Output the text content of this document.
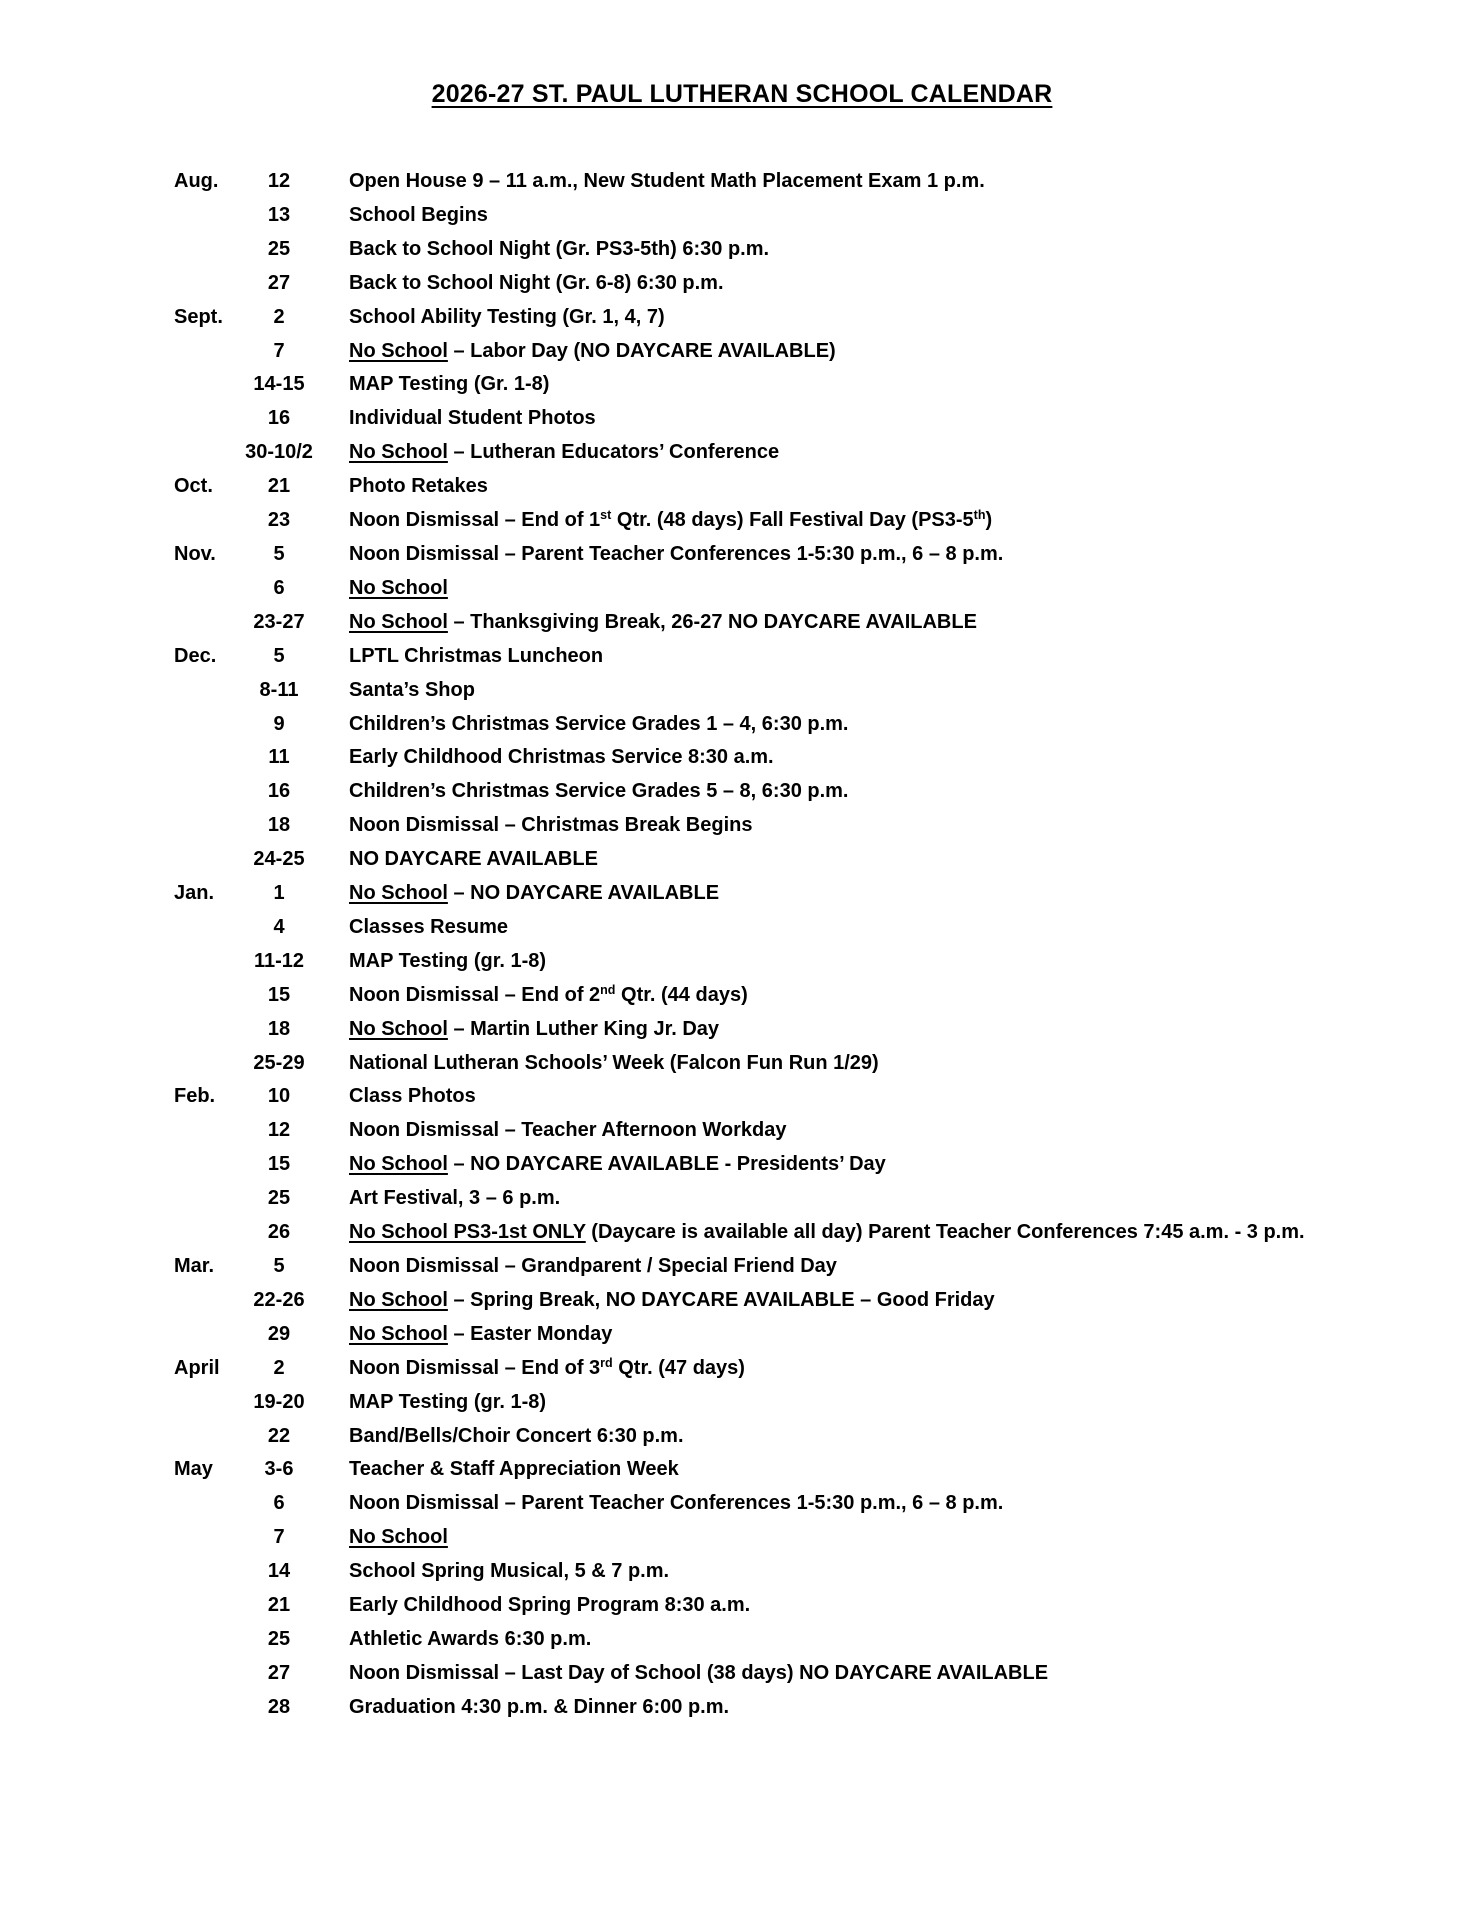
2026-27 ST. PAUL LUTHERAN SCHOOL CALENDAR
Aug.	12	Open House 9 – 11 a.m., New Student Math Placement Exam 1 p.m.
13	School Begins
25	Back to School Night (Gr. PS3-5th) 6:30 p.m.
27	Back to School Night (Gr. 6-8) 6:30 p.m.
Sept.	2	School Ability Testing (Gr. 1, 4, 7)
7	No School – Labor Day (NO DAYCARE AVAILABLE)
14-15	MAP Testing (Gr. 1-8)
16	Individual Student Photos
30-10/2	No School – Lutheran Educators’ Conference
Oct.	21	Photo Retakes
23	Noon Dismissal – End of 1st Qtr. (48 days) Fall Festival Day (PS3-5th)
Nov.	5	Noon Dismissal – Parent Teacher Conferences 1-5:30 p.m., 6 – 8 p.m.
6	No School
23-27	No School – Thanksgiving Break, 26-27 NO DAYCARE AVAILABLE
Dec.	5	LPTL Christmas Luncheon
8-11	Santa’s Shop
9	Children’s Christmas Service Grades 1 – 4, 6:30 p.m.
11	Early Childhood Christmas Service 8:30 a.m.
16	Children’s Christmas Service Grades 5 – 8, 6:30 p.m.
18	Noon Dismissal – Christmas Break Begins
24-25	NO DAYCARE AVAILABLE
Jan.	1	No School – NO DAYCARE AVAILABLE
4	Classes Resume
11-12	MAP Testing (gr. 1-8)
15	Noon Dismissal – End of 2nd Qtr. (44 days)
18	No School – Martin Luther King Jr. Day
25-29	National Lutheran Schools’ Week (Falcon Fun Run 1/29)
Feb.	10	Class Photos
12	Noon Dismissal – Teacher Afternoon Workday
15	No School – NO DAYCARE AVAILABLE - Presidents’ Day
25	Art Festival, 3 – 6 p.m.
26	No School PS3-1st ONLY (Daycare is available all day) Parent Teacher Conferences 7:45 a.m. - 3 p.m.
Mar.	5	Noon Dismissal – Grandparent / Special Friend Day
22-26	No School – Spring Break, NO DAYCARE AVAILABLE – Good Friday
29	No School – Easter Monday
April	2	Noon Dismissal – End of 3rd Qtr. (47 days)
19-20	MAP Testing (gr. 1-8)
22	Band/Bells/Choir Concert 6:30 p.m.
May	3-6	Teacher & Staff Appreciation Week
6	Noon Dismissal – Parent Teacher Conferences 1-5:30 p.m., 6 – 8 p.m.
7	No School
14	School Spring Musical, 5 & 7 p.m.
21	Early Childhood Spring Program 8:30 a.m.
25	Athletic Awards 6:30 p.m.
27	Noon Dismissal – Last Day of School (38 days) NO DAYCARE AVAILABLE
28	Graduation 4:30 p.m. & Dinner 6:00 p.m.
